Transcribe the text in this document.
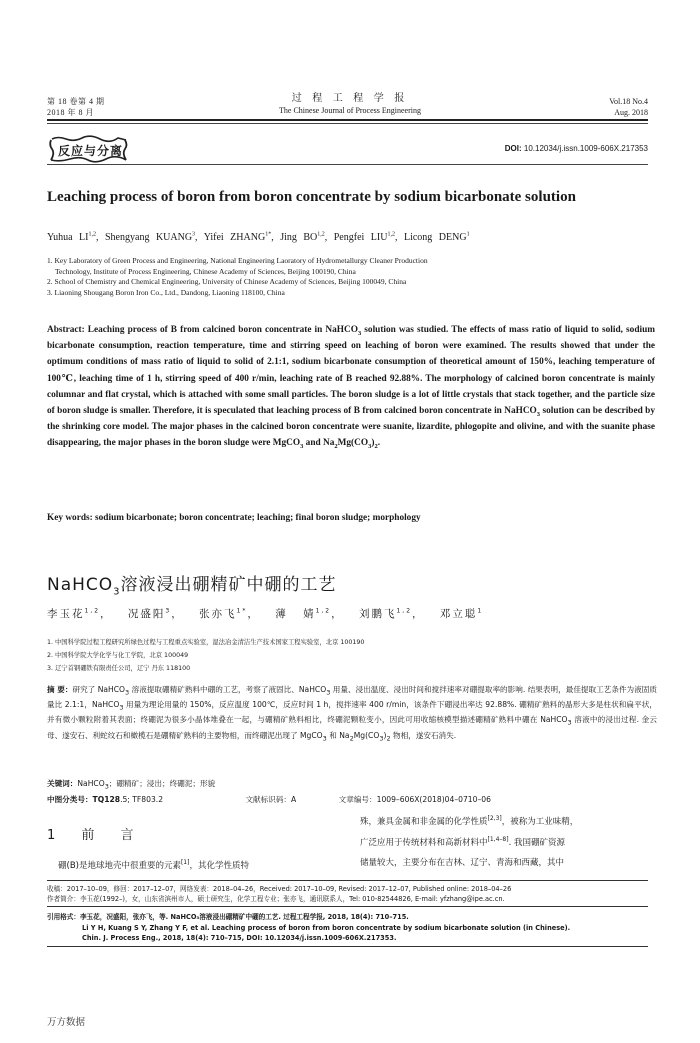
第 18 卷第 4 期
2018 年 8 月
过 程 工 程 学 报
The Chinese Journal of Process Engineering
Vol.18 No.4
Aug. 2018
反应与分离	DOI: 10.12034/j.issn.1009-606X.217353
Leaching process of boron from boron concentrate by sodium bicarbonate solution
Yuhua LI$^{1,2}$, Shengyang KUANG$^3$, Yifei $ZHANG^{1*}$, Jing BO$^{1,2}$, Pengfei LIU$^{1,2}$, Licong DENG$^1$
1. Key Laboratory of Green Process and Engineering, National Engineering Laoratory of Hydrometallurgy Cleaner Production
Technology, Institute of Process Engineering, Chinese Academy of Sciences, Beijing 100190, China
2. School of Chemistry and Chemical Engineering, University of Chinese Academy of Sciences, Beijing 100049, China
3. Liaoning Shougang Boron Iron Co., Ltd., Dandong, Liaoning 118100, China
Abstract: Leaching process of B from calcined boron concentrate in NaHCO$_3$ solution was studied. The effects of mass ratio of liquid to solid, sodium bicarbonate consumption, reaction temperature, time and stirring speed on leaching of boron were examined. The results showed that under the optimum conditions of mass ratio of liquid to solid of 2.1:1, sodium bicarbonate consumption of theoretical amount of 150%, leaching temperature of 100℃, leaching time of 1 h, stirring speed of 400 r/min, leaching rate of B reached 92.88%. The morphology of calcined boron concentrate is mainly columnar and flat crystal, which is attached with some small particles. The boron sludge is a lot of little crystals that stack together, and the particle size of boron sludge is smaller. Therefore, it is speculated that leaching process of B from calcined boron concentrate in NaHCO$_3$ solution can be described by the shrinking core model. The major phases in the calcined boron concentrate were suanite, lizardite, phlogopite and olivine, and with the suanite phase disappearing, the major phases in the boron sludge were MgCO$_3$ and $Na_2Mg(CO_3)_2$.
Key words: sodium bicarbonate; boron concentrate; leaching; final boron sludge; morphology
NaHCO$_3$溶液浸出硼精矿中硼的工艺
李玉花$^{1,2}$， 况盛阳$^3$， 张亦飞$^{1*}$， 薄 婧$^{1,2}$， 刘鹏飞$^{1,2}$， 邓立聪$^1$
1. 中国科学院过程工程研究所绿色过程与工程重点实验室，湿法冶金清洁生产技术国家工程实验室，北京 100190
2. 中国科学院大学化学与化工学院，北京 100049
3. 辽宁首钢硼铁有限责任公司，辽宁 丹东 118100
摘 要：研究了 NaHCO$_3$ 溶液提取硼精矿熟料中硼的工艺，考察了液固比、NaHCO$_3$ 用量、浸出温度、浸出时间和搅拌速率对硼提取率的影响. 结果表明，最佳提取工艺条件为液固质量比 2.1:1，NaHCO$_3$ 用量为理论用量的 150%，反应温度 100℃，反应时间 1 h，搅拌速率 400 r/min，该条件下硼浸出率达 92.88%. 硼精矿熟料的晶形大多是柱状和扁平状，并有微小颗粒附着其表面；终硼泥为很多小晶体堆叠在一起，与硼精矿熟料相比，终硼泥颗粒变小，因此可用收缩核模型描述硼精矿熟料中硼在 NaHCO$_3$ 溶液中的浸出过程. 金云母、遂安石、利蛇纹石和橄榄石是硼精矿熟料的主要物相，而终硼泥出现了 MgCO$_3$ 和 $Na_2Mg(CO_3)_2$ 物相，遂安石消失.
关键词：NaHCO$_3$；硼精矿；浸出；终硼泥；形貌
中图分类号：TQ128.5; TF803.2	文献标识码：A	文章编号：1009–606X(2018)04–0710–06
1 前 言
硼(B)是地球地壳中很重要的元素[1]，其化学性质特
殊，兼具金属和非金属的化学性质[2,3]，被称为工业味精，
广泛应用于传统材料和高新材料中[1,4–8]. 我国硼矿资源
储量较大，主要分布在吉林、辽宁、青海和西藏，其中
收稿：2017–10–09，修回：2017–12–07，网络发表：2018–04–26，Received: 2017–10–09, Revised: 2017–12–07, Published online: 2018–04–26
作者简介：李玉花(1992–)，女，山东省滨州市人，硕士研究生，化学工程专业；张亦飞，通讯联系人，Tel: 010-82544826, E-mail: yfzhang@ipe.ac.cn.
引用格式：李玉花，况盛阳，张亦飞，等. NaHCO₃溶液浸出硼精矿中硼的工艺. 过程工程学报, 2018, 18(4): 710–715.
Li Y H, Kuang S Y, Zhang Y F, et al. Leaching process of boron from boron concentrate by sodium bicarbonate solution (in Chinese).
Chin. J. Process Eng., 2018, 18(4): 710–715, DOI: 10.12034/j.issn.1009-606X.217353.
万方数据
